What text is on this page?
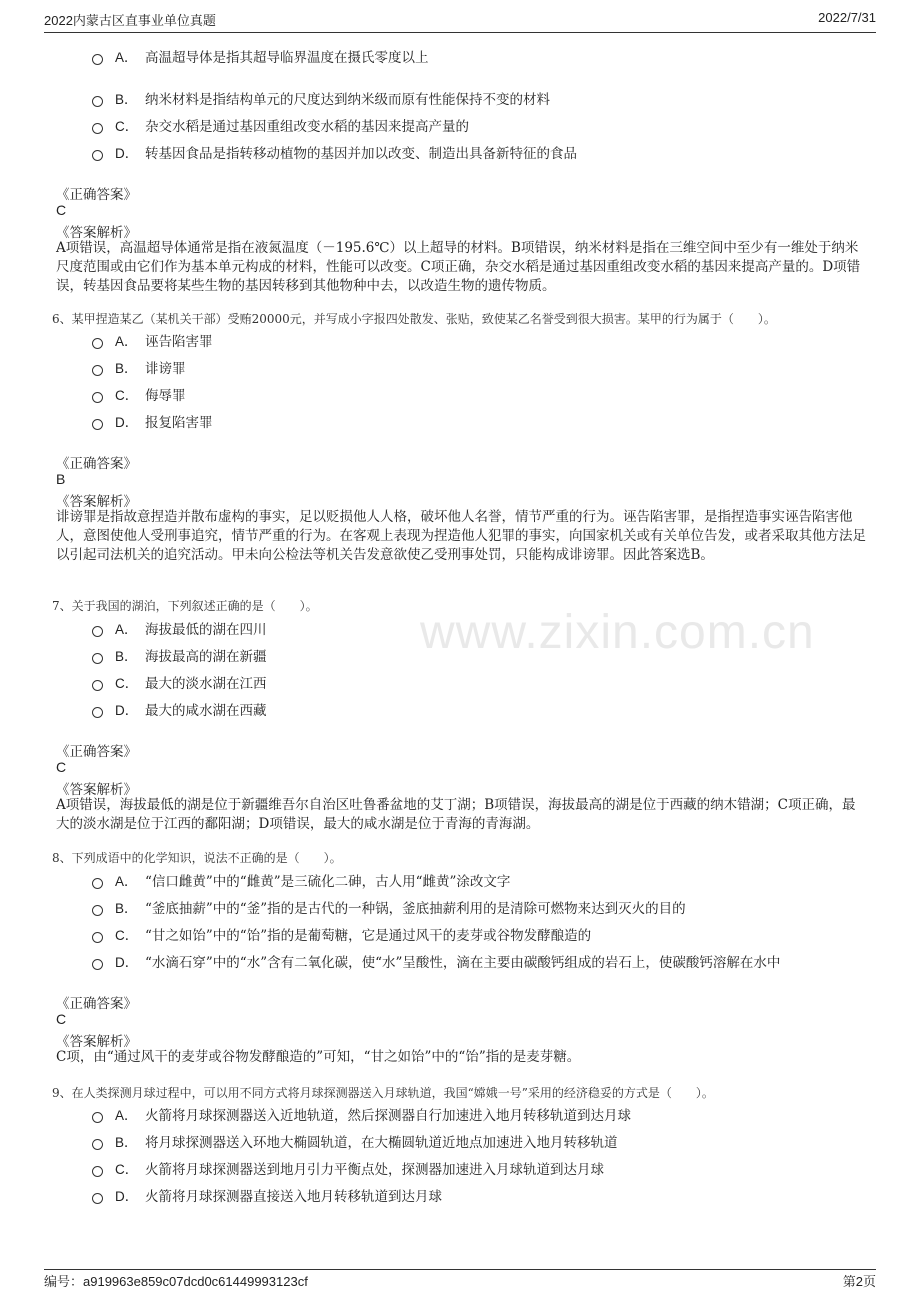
2022内蒙古区直事业单位真题	2022/7/31
www.zixin.com.cn
A． 高温超导体是指其超导临界温度在摄氏零度以上
B． 纳米材料是指结构单元的尺度达到纳米级而原有性能保持不变的材料
C． 杂交水稻是通过基因重组改变水稻的基因来提高产量的
D． 转基因食品是指转移动植物的基因并加以改变、制造出具备新特征的食品
《正确答案》
C
《答案解析》
A项错误，高温超导体通常是指在液氮温度（－195.6℃）以上超导的材料。B项错误，纳米材料是指在三维空间中至少有一维处于纳米尺度范围或由它们作为基本单元构成的材料，性能可以改变。C项正确，杂交水稻是通过基因重组改变水稻的基因来提高产量的。D项错误，转基因食品要将某些生物的基因转移到其他物种中去，以改造生物的遗传物质。
6、某甲捏造某乙（某机关干部）受贿20000元，并写成小字报四处散发、张贴，致使某乙名誉受到很大损害。某甲的行为属于（　　）。
A． 诬告陷害罪
B． 诽谤罪
C． 侮辱罪
D． 报复陷害罪
《正确答案》
B
《答案解析》
诽谤罪是指故意捏造并散布虚构的事实，足以贬损他人人格，破坏他人名誉，情节严重的行为。诬告陷害罪，是指捏造事实诬告陷害他人，意图使他人受刑事追究，情节严重的行为。在客观上表现为捏造他人犯罪的事实，向国家机关或有关单位告发，或者采取其他方法足以引起司法机关的追究活动。甲未向公检法等机关告发意欲使乙受刑事处罚，只能构成诽谤罪。因此答案选B。
7、关于我国的湖泊，下列叙述正确的是（　　）。
A． 海拔最低的湖在四川
B． 海拔最高的湖在新疆
C． 最大的淡水湖在江西
D． 最大的咸水湖在西藏
《正确答案》
C
《答案解析》
A项错误，海拔最低的湖是位于新疆维吾尔自治区吐鲁番盆地的艾丁湖；B项错误，海拔最高的湖是位于西藏的纳木错湖；C项正确，最大的淡水湖是位于江西的鄱阳湖；D项错误，最大的咸水湖是位于青海的青海湖。
8、下列成语中的化学知识，说法不正确的是（　　）。
A． “信口雌黄”中的“雌黄”是三硫化二砷，古人用“雌黄”涂改文字
B． “釜底抽薪”中的“釜”指的是古代的一种锅，釜底抽薪利用的是清除可燃物来达到灭火的目的
C． “甘之如饴”中的“饴”指的是葡萄糖，它是通过风干的麦芽或谷物发酵酿造的
D． “水滴石穿”中的“水”含有二氧化碳，使“水”呈酸性，滴在主要由碳酸钙组成的岩石上，使碳酸钙溶解在水中
《正确答案》
C
《答案解析》
C项，由“通过风干的麦芽或谷物发酵酿造的”可知，“甘之如饴”中的“饴”指的是麦芽糖。
9、在人类探测月球过程中，可以用不同方式将月球探测器送入月球轨道，我国“嫦娥一号”采用的经济稳妥的方式是（　　）。
A． 火箭将月球探测器送入近地轨道，然后探测器自行加速进入地月转移轨道到达月球
B． 将月球探测器送入环地大椭圆轨道，在大椭圆轨道近地点加速进入地月转移轨道
C． 火箭将月球探测器送到地月引力平衡点处，探测器加速进入月球轨道到达月球
D． 火箭将月球探测器直接送入地月转移轨道到达月球
编号：a919963e859c07dcd0c61449993123cf	第2页
